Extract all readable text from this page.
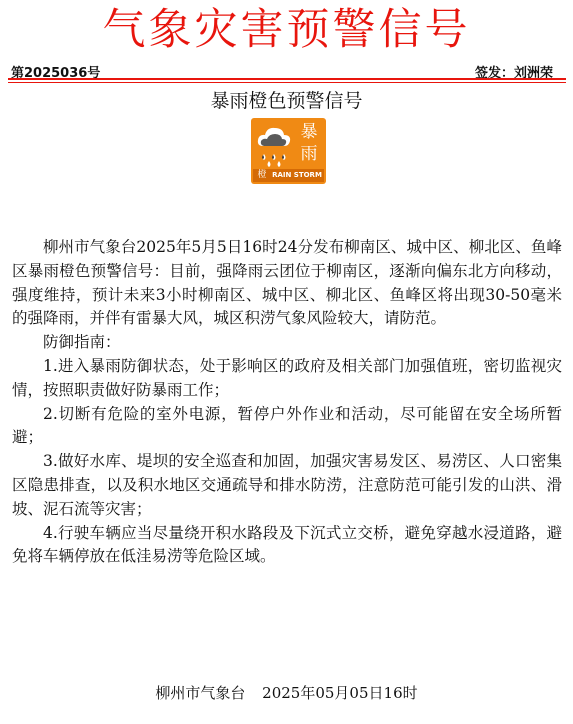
气象灾害预警信号
第2025036号	签发：刘洲荣
暴雨橙色预警信号
暴
雨
橙 RAIN STORM

柳州市气象台2025年5月5日16时24分发布柳南区、城中区、柳北区、鱼峰区暴雨橙色预警信号：目前，强降雨云团位于柳南区，逐渐向偏东北方向移动，强度维持，预计未来3小时柳南区、城中区、柳北区、鱼峰区将出现30-50毫米的强降雨，并伴有雷暴大风，城区积涝气象风险较大，请防范。

防御指南：

1.进入暴雨防御状态，处于影响区的政府及相关部门加强值班，密切监视灾情，按照职责做好防暴雨工作；

2.切断有危险的室外电源，暂停户外作业和活动，尽可能留在安全场所暂避；

3.做好水库、堤坝的安全巡查和加固，加强灾害易发区、易涝区、人口密集区隐患排查，以及积水地区交通疏导和排水防涝，注意防范可能引发的山洪、滑坡、泥石流等灾害；

4.行驶车辆应当尽量绕开积水路段及下沉式立交桥，避免穿越水浸道路，避免将车辆停放在低洼易涝等危险区域。

柳州市气象台 2025年05月05日16时
